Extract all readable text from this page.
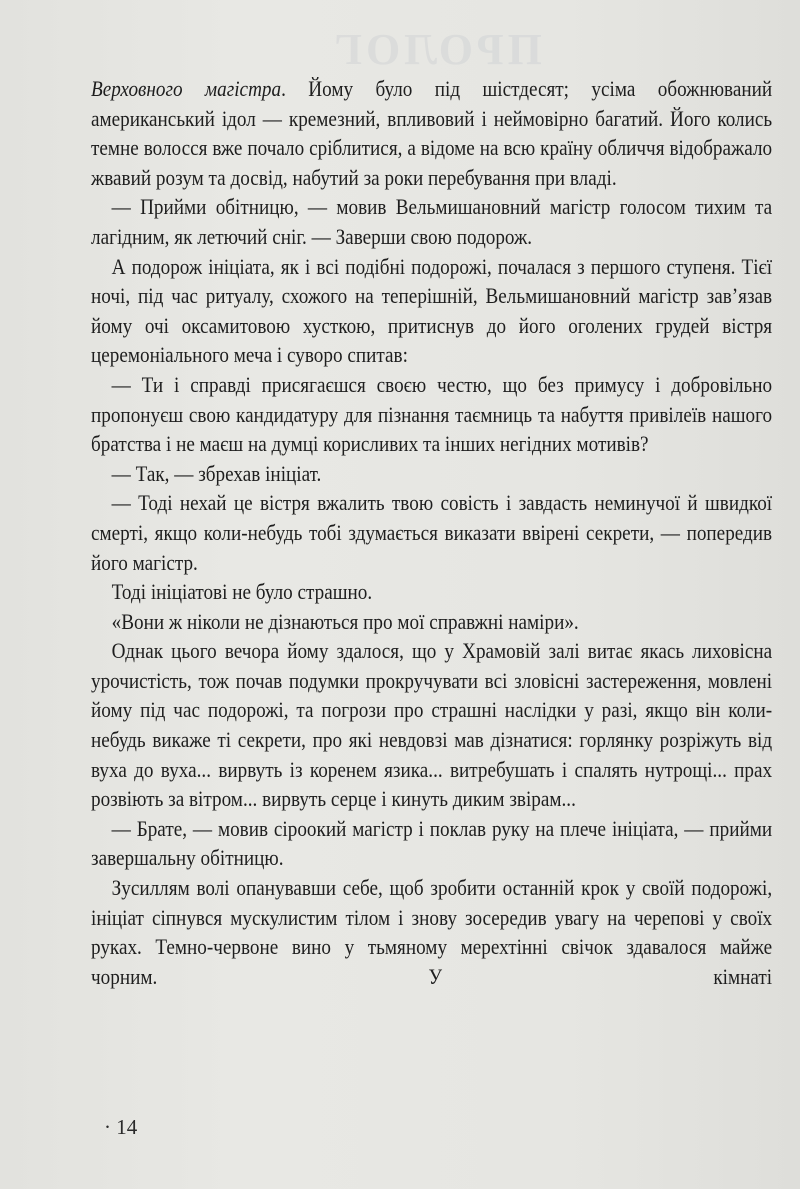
ПРОЛОГ

Верховного магістра. Йому було під шістдесят; усіма обожнюваний американський ідол — кремезний, впливовий і неймовірно багатий. Його колись темне волосся вже почало сріблитися, а відоме на всю країну обличчя відображало жвавий розум та досвід, набутий за роки перебування при владі.

— Прийми обітницю, — мовив Вельмишановний магістр голосом тихим та лагідним, як летючий сніг. — Заверши свою подорож.

А подорож ініціата, як і всі подібні подорожі, почалася з першого ступеня. Тієї ночі, під час ритуалу, схожого на теперішній, Вельмишановний магістр зав’язав йому очі оксамитовою хусткою, притиснув до його оголених грудей вістря церемоніального меча і суворо спитав:

— Ти і справді присягаєшся своєю честю, що без примусу і добровільно пропонуєш свою кандидатуру для пізнання таємниць та набуття привілеїв нашого братства і не маєш на думці корисливих та інших негідних мотивів?

— Так, — збрехав ініціат.

— Тоді нехай це вістря вжалить твою совість і завдасть неминучої й швидкої смерті, якщо коли-небудь тобі здумається виказати ввірені секрети, — попередив його магістр.

Тоді ініціатові не було страшно.

«Вони ж ніколи не дізнаються про мої справжні наміри».

Однак цього вечора йому здалося, що у Храмовій залі витає якась лиховісна урочистість, тож почав подумки прокручувати всі зловісні застереження, мовлені йому під час подорожі, та погрози про страшні наслідки у разі, якщо він коли-небудь викаже ті секрети, про які невдовзі мав дізнатися: горлянку розріжуть від вуха до вуха... вирвуть із коренем язика... витребушать і спалять нутрощі... прах розвіють за вітром... вирвуть серце і кинуть диким звірам...

— Брате, — мовив сіроокий магістр і поклав руку на плече ініціата, — прийми завершальну обітницю.

Зусиллям волі опанувавши себе, щоб зробити останній крок у своїй подорожі, ініціат сіпнувся мускулистим тілом і знову зосередив увагу на черепові у своїх руках. Темно-червоне вино у тьмяному мерехтінні свічок здавалося майже чорним. У кімнаті

· 14
